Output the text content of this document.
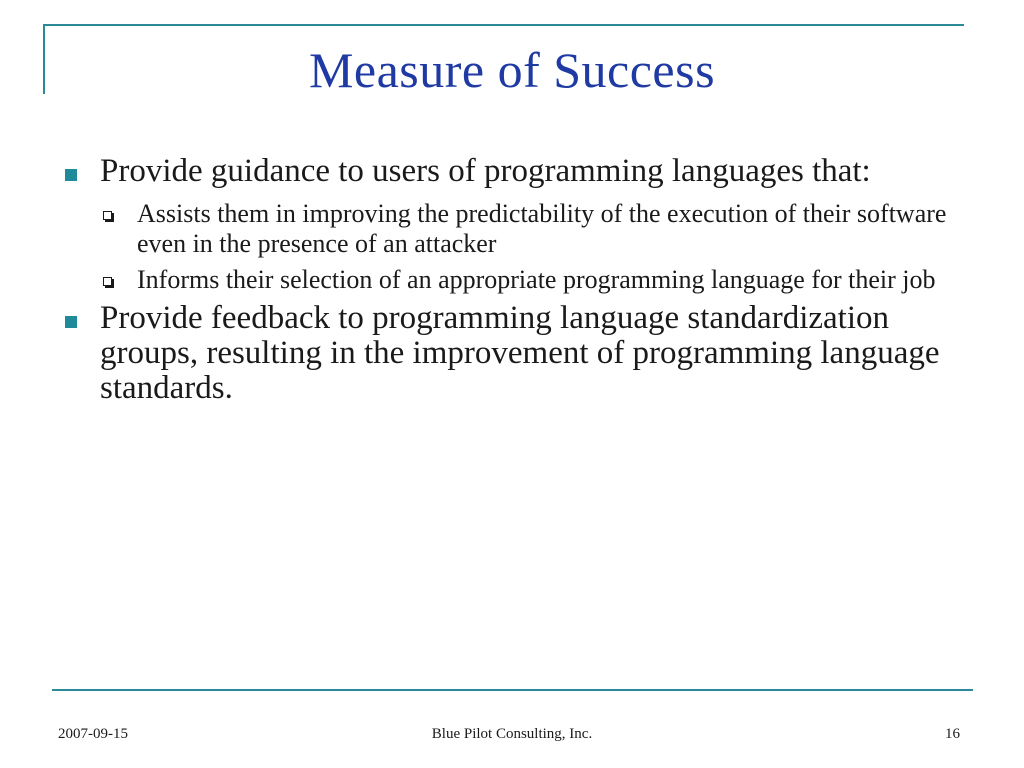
Measure of Success
Provide guidance to users of programming languages that:
Assists them in improving the predictability of the execution of their software even in the presence of an attacker
Informs their selection of an appropriate programming language for their job
Provide feedback to programming language standardization groups, resulting in the improvement of programming language standards.
2007-09-15	Blue Pilot Consulting, Inc.	16
